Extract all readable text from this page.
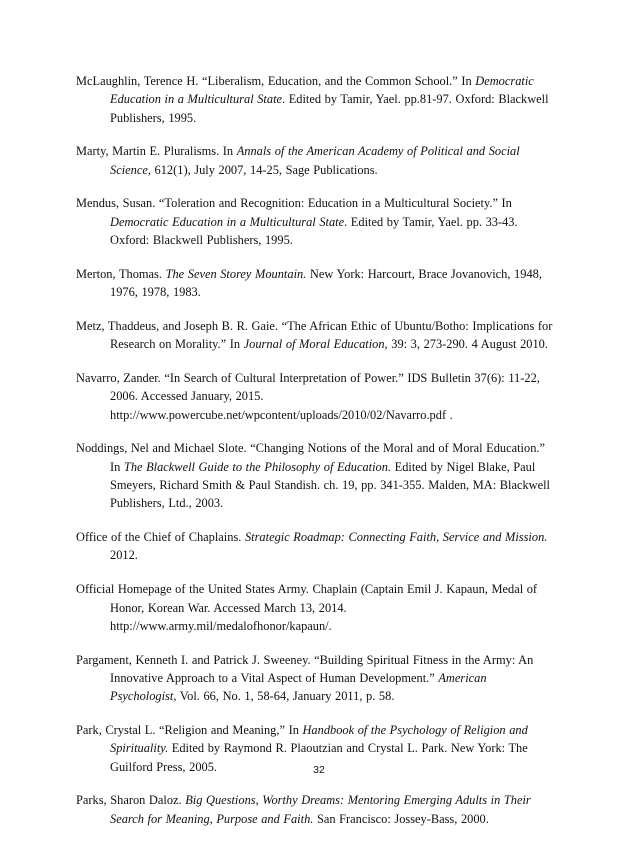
McLaughlin, Terence H. “Liberalism, Education, and the Common School.” In Democratic Education in a Multicultural State. Edited by Tamir, Yael. pp.81-97. Oxford: Blackwell Publishers, 1995.

Marty, Martin E. Pluralisms. In Annals of the American Academy of Political and Social Science, 612(1), July 2007, 14-25, Sage Publications.

Mendus, Susan. “Toleration and Recognition: Education in a Multicultural Society.” In Democratic Education in a Multicultural State. Edited by Tamir, Yael. pp. 33-43. Oxford: Blackwell Publishers, 1995.

Merton, Thomas. The Seven Storey Mountain. New York: Harcourt, Brace Jovanovich, 1948, 1976, 1978, 1983.

Metz, Thaddeus, and Joseph B. R. Gaie. “The African Ethic of Ubuntu/Botho: Implications for Research on Morality.” In Journal of Moral Education, 39: 3, 273-290. 4 August 2010.

Navarro, Zander. “In Search of Cultural Interpretation of Power.” IDS Bulletin 37(6): 11-22, 2006. Accessed January, 2015. http://www.powercube.net/wpcontent/uploads/2010/02/Navarro.pdf .

Noddings, Nel and Michael Slote. “Changing Notions of the Moral and of Moral Education.” In The Blackwell Guide to the Philosophy of Education. Edited by Nigel Blake, Paul Smeyers, Richard Smith & Paul Standish. ch. 19, pp. 341-355. Malden, MA: Blackwell Publishers, Ltd., 2003.

Office of the Chief of Chaplains. Strategic Roadmap: Connecting Faith, Service and Mission. 2012.

Official Homepage of the United States Army. Chaplain (Captain Emil J. Kapaun, Medal of Honor, Korean War. Accessed March 13, 2014. http://www.army.mil/medalofhonor/kapaun/.

Pargament, Kenneth I. and Patrick J. Sweeney. “Building Spiritual Fitness in the Army: An Innovative Approach to a Vital Aspect of Human Development.” American Psychologist, Vol. 66, No. 1, 58-64, January 2011, p. 58.

Park, Crystal L. “Religion and Meaning,” In Handbook of the Psychology of Religion and Spirituality. Edited by Raymond R. Plaoutzian and Crystal L. Park. New York: The Guilford Press, 2005.

Parks, Sharon Daloz. Big Questions, Worthy Dreams: Mentoring Emerging Adults in Their Search for Meaning, Purpose and Faith. San Francisco: Jossey-Bass, 2000.

32
